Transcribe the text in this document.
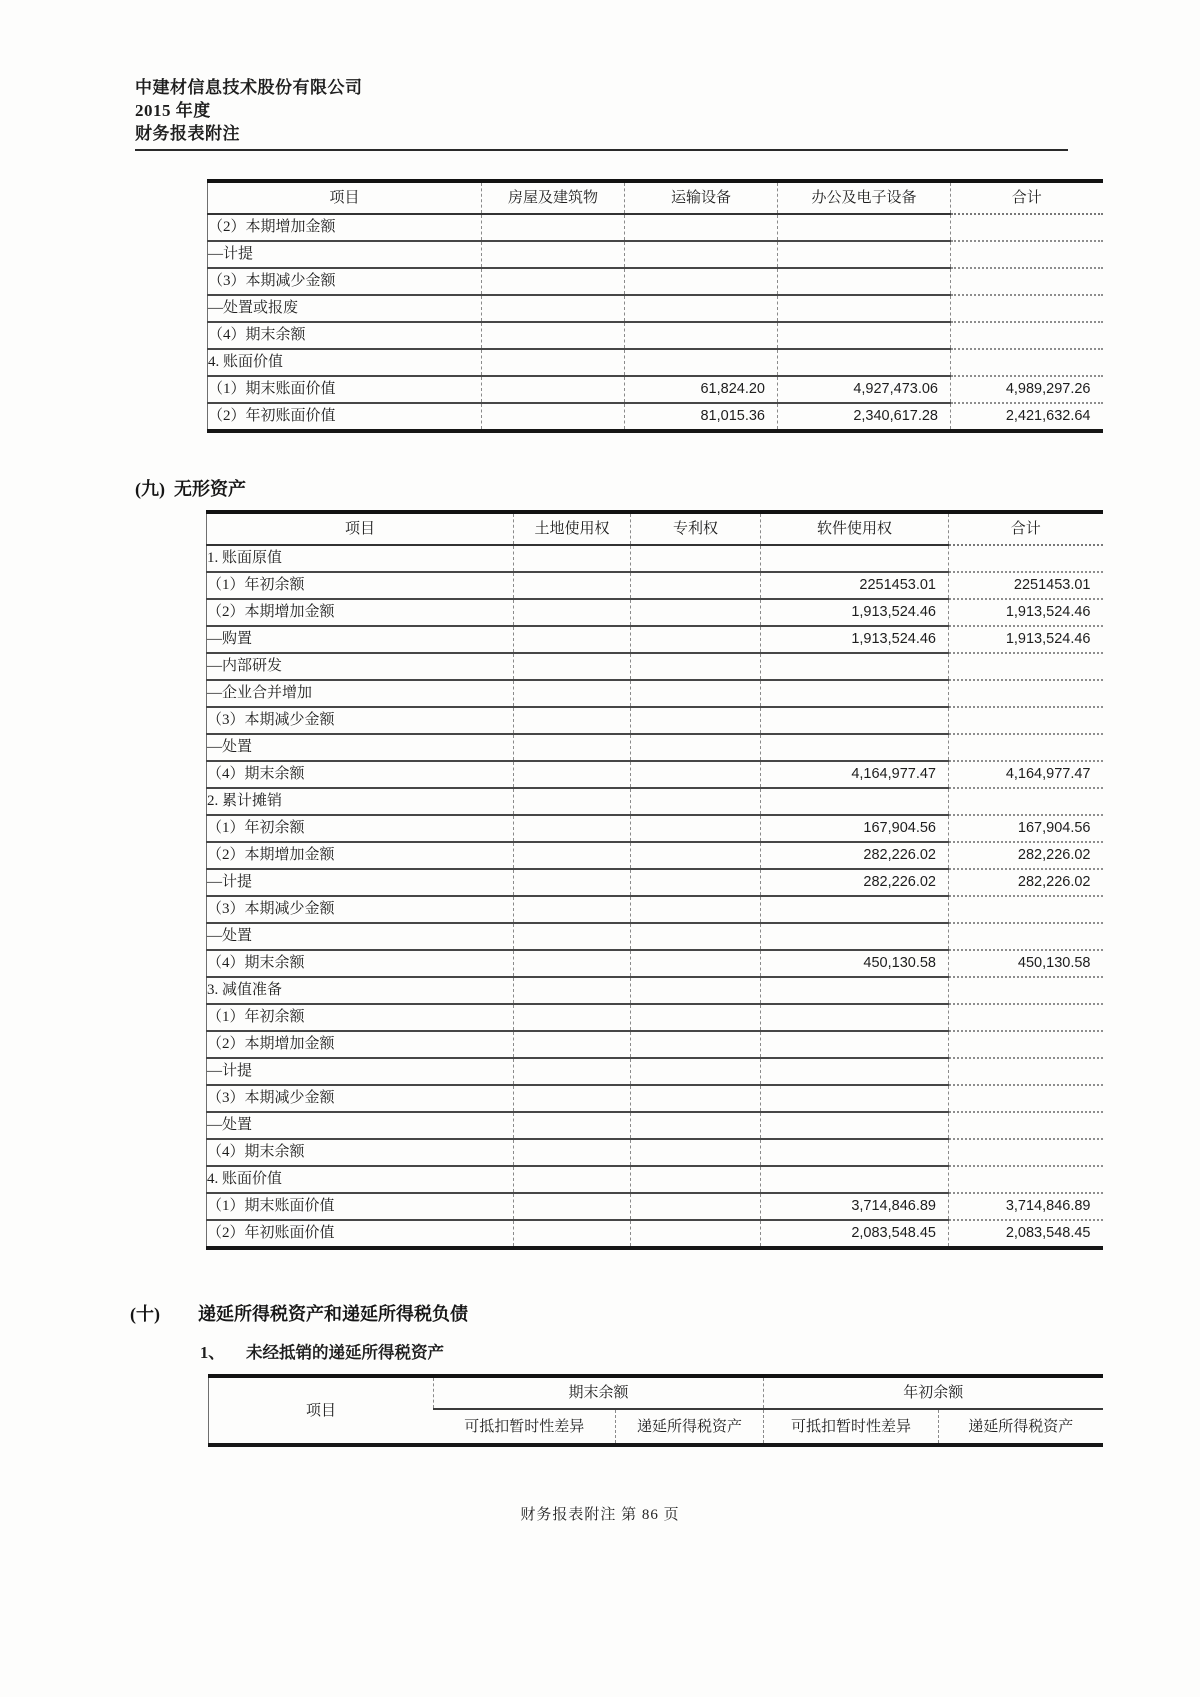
中建材信息技术股份有限公司
2015 年度
财务报表附注
项目	房屋及建筑物	运输设备	办公及电子设备	合计
（2）本期增加金额				
—计提				
（3）本期减少金额				
—处置或报废				
（4）期末余额				
4. 账面价值				
（1）期末账面价值		61,824.20	4,927,473.06	4,989,297.26
（2）年初账面价值		81,015.36	2,340,617.28	2,421,632.64
(九) 无形资产
项目	土地使用权	专利权	软件使用权	合计
1. 账面原值				
（1）年初余额			2251453.01	2251453.01
（2）本期增加金额			1,913,524.46	1,913,524.46
—购置			1,913,524.46	1,913,524.46
—内部研发				
—企业合并增加				
（3）本期减少金额				
—处置				
（4）期末余额			4,164,977.47	4,164,977.47
2. 累计摊销				
（1）年初余额			167,904.56	167,904.56
（2）本期增加金额			282,226.02	282,226.02
—计提			282,226.02	282,226.02
（3）本期减少金额				
—处置				
（4）期末余额			450,130.58	450,130.58
3. 减值准备				
（1）年初余额				
（2）本期增加金额				
—计提				
（3）本期减少金额				
—处置				
（4）期末余额				
4. 账面价值				
（1）期末账面价值			3,714,846.89	3,714,846.89
（2）年初账面价值			2,083,548.45	2,083,548.45
(十) 递延所得税资产和递延所得税负债
1、 未经抵销的递延所得税资产
项目	期末余额		年初余额	
	可抵扣暂时性差异	递延所得税资产	可抵扣暂时性差异	递延所得税资产
财务报表附注 第 86 页
